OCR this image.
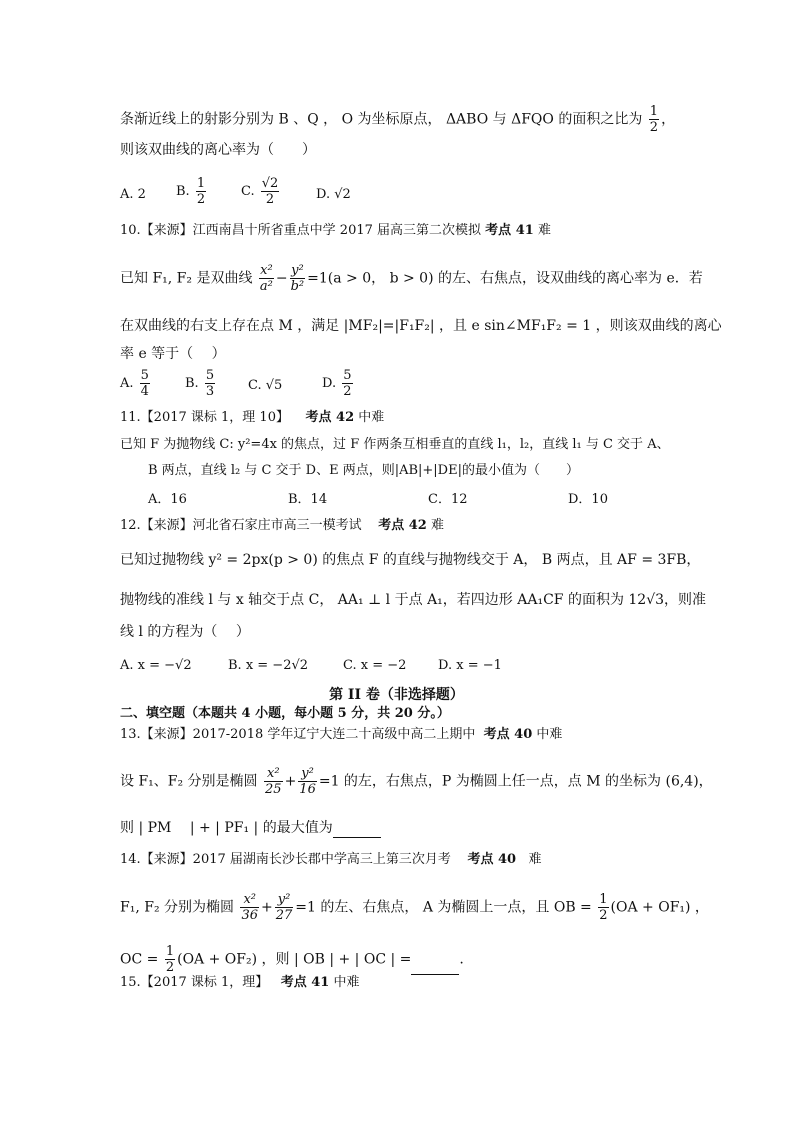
条渐近线上的射影分别为 B 、Q ， O 为坐标原点， ΔABO 与 ΔFQO 的面积之比为 $\frac{1}{2}$ ，
则该双曲线的离心率为（　　）
A. 2 B. $\frac{1}{2}$	C. $\frac{√2}{2}$	D. √2
10.【来源】江西南昌十所省重点中学 2017 届高三第二次模拟 考点 41 难
已知 F₁, F₂ 是双曲线 $\frac{\text{x²}}{\text{a²}} - \frac{\text{y²}}{\text{b²}} =1(a > 0$， b > 0) 的左、右焦点，设双曲线的离心率为 e．若
在双曲线的右支上存在点 M ，满足 |MF₂|=|F₁F₂| ，且 e sin∠MF₁F₂ = 1 ，则该双曲线的离心
率 e 等于（　 ）
A. $\frac{5}{4}$	B. $\frac{5}{3}$	C. √5	D. $\frac{5}{2}$
11.【2017 课标 1，理 10】 考点 42 中难
已知 F 为抛物线 C: y²=4x 的焦点，过 F 作两条互相垂直的直线 l₁，l₂，直线 l₁ 与 C 交于 A、
B 两点，直线 l₂ 与 C 交于 D、E 两点，则|AB|+|DE|的最小值为（　　）
A．16	B．14	C．12	D．10
12.【来源】河北省石家庄市高三一模考试 考点 42 难
已知过抛物线 y² = 2px(p > 0) 的焦点 F 的直线与抛物线交于 A， B 两点，且 AF = 3FB，
抛物线的准线 l 与 x 轴交于点 C， AA₁ ⊥ l 于点 A₁，若四边形 AA₁CF 的面积为 12√3，则准
线 l 的方程为（　 ）
A. x = −√2	B. x = −2√2	C. x = −2 D. x = −1
第 II 卷（非选择题）
二、填空题（本题共 4 小题，每小题 5 分，共 20 分。）
13.【来源】2017-2018 学年辽宁大连二十高级中高二上期中 考点 40 中难
设 F₁、F₂ 分别是椭圆 $\frac{\text{x²}}{25} + \frac{\text{y²}}{16} =1$ 的左，右焦点，P 为椭圆上任一点，点 M 的坐标为 (6,4)，
则 | PM 　| + | PF₁ | 的最大值为
14.【来源】2017 届湖南长沙长郡中学高三上第三次月考 考点 40 难
F₁, F₂ 分别为椭圆 $\frac{\text{x²}}{36} + \frac{\text{y²}}{27} =1$ 的左、右焦点， A 为椭圆上一点，且 OB = $\frac{1}{2} (OA + OF_1)$ ，
OC = $\frac{1}{2} (OA + OF_2)$ ，则 | OB | + | OC | =	.
15.【2017 课标 1，理】 考点 41 中难
